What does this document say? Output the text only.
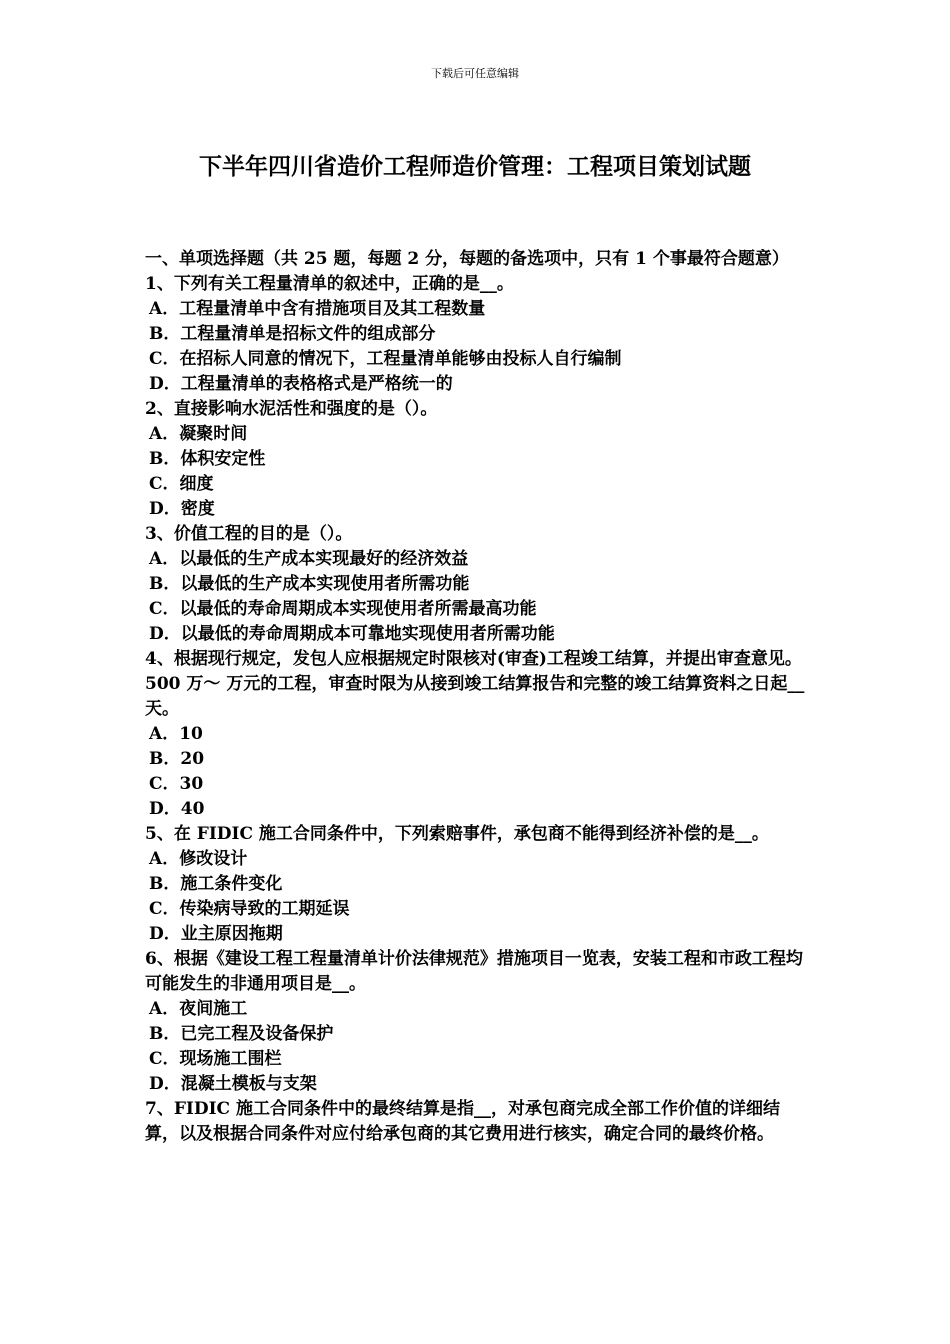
下载后可任意编辑
下半年四川省造价工程师造价管理：工程项目策划试题

一、单项选择题（共 25 题，每题 2 分，每题的备选项中，只有 1 个事最符合题意）

1、下列有关工程量清单的叙述中，正确的是__。

A．工程量清单中含有措施项目及其工程数量

B．工程量清单是招标文件的组成部分

C．在招标人同意的情况下，工程量清单能够由投标人自行编制

D．工程量清单的表格格式是严格统一的

2、直接影响水泥活性和强度的是（）。

A．凝聚时间

B．体积安定性

C．细度

D．密度

3、价值工程的目的是（）。

A．以最低的生产成本实现最好的经济效益

B．以最低的生产成本实现使用者所需功能

C．以最低的寿命周期成本实现使用者所需最高功能

D．以最低的寿命周期成本可靠地实现使用者所需功能

4、根据现行规定，发包人应根据规定时限核对(审查)工程竣工结算，并提出审查意见。500 万～ 万元的工程，审查时限为从接到竣工结算报告和完整的竣工结算资料之日起__天。

A．10

B．20

C．30

D．40

5、在 FIDIC 施工合同条件中，下列索赔事件，承包商不能得到经济补偿的是__。

A．修改设计

B．施工条件变化

C．传染病导致的工期延误

D．业主原因拖期

6、根据《建设工程工程量清单计价法律规范》措施项目一览表，安装工程和市政工程均可能发生的非通用项目是__。

A．夜间施工

B．已完工程及设备保护

C．现场施工围栏

D．混凝土模板与支架

7、FIDIC 施工合同条件中的最终结算是指__，对承包商完成全部工作价值的详细结算，以及根据合同条件对应付给承包商的其它费用进行核实，确定合同的最终价格。
